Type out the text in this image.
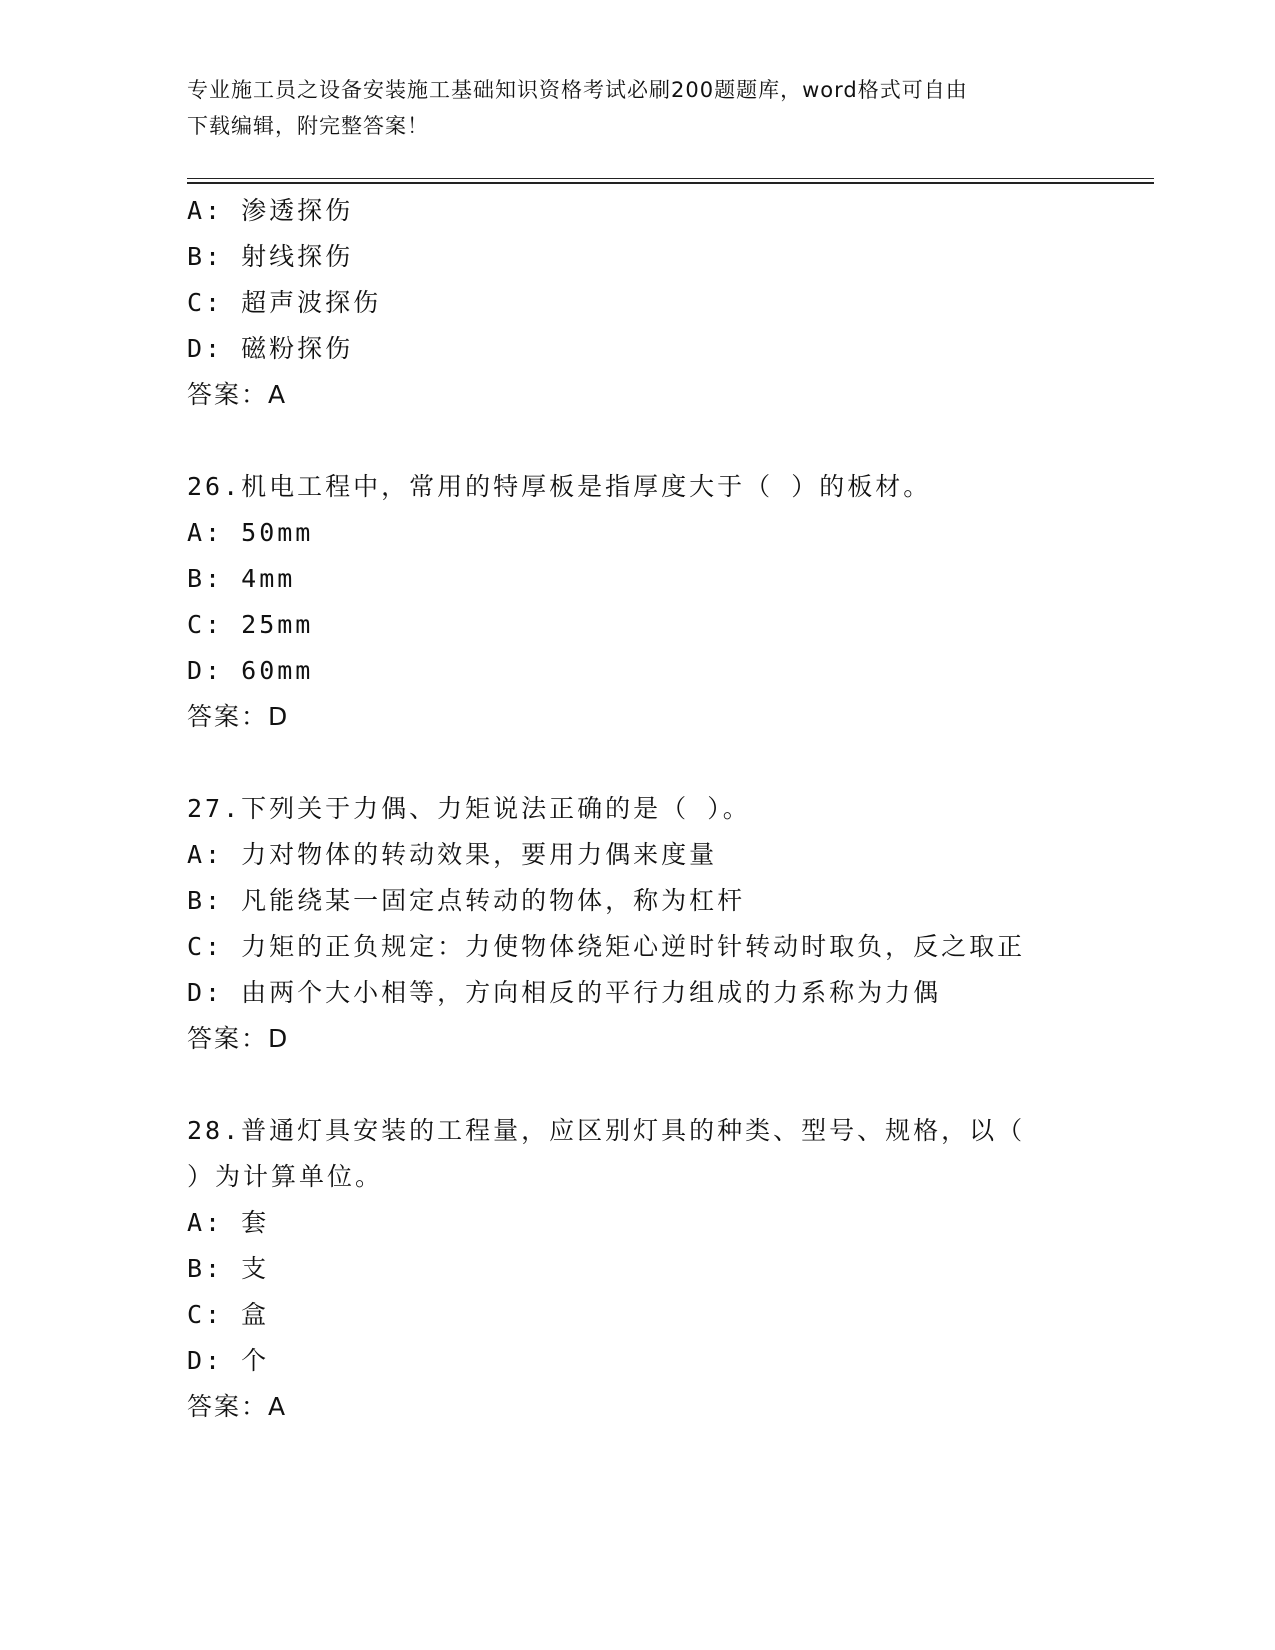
专业施工员之设备安装施工基础知识资格考试必刷200题题库，word格式可自由
下载编辑，附完整答案！
A: 渗透探伤
B: 射线探伤
C: 超声波探伤
D: 磁粉探伤
答案：A
26.机电工程中，常用的特厚板是指厚度大于（ ）的板材。
A: 50mm
B: 4mm
C: 25mm
D: 60mm
答案：D
27.下列关于力偶、力矩说法正确的是（ ）。
A: 力对物体的转动效果，要用力偶来度量
B: 凡能绕某一固定点转动的物体，称为杠杆
C: 力矩的正负规定：力使物体绕矩心逆时针转动时取负，反之取正
D: 由两个大小相等，方向相反的平行力组成的力系称为力偶
答案：D
28.普通灯具安装的工程量，应区别灯具的种类、型号、规格，以（
）为计算单位。
A: 套
B: 支
C: 盒
D: 个
答案：A
